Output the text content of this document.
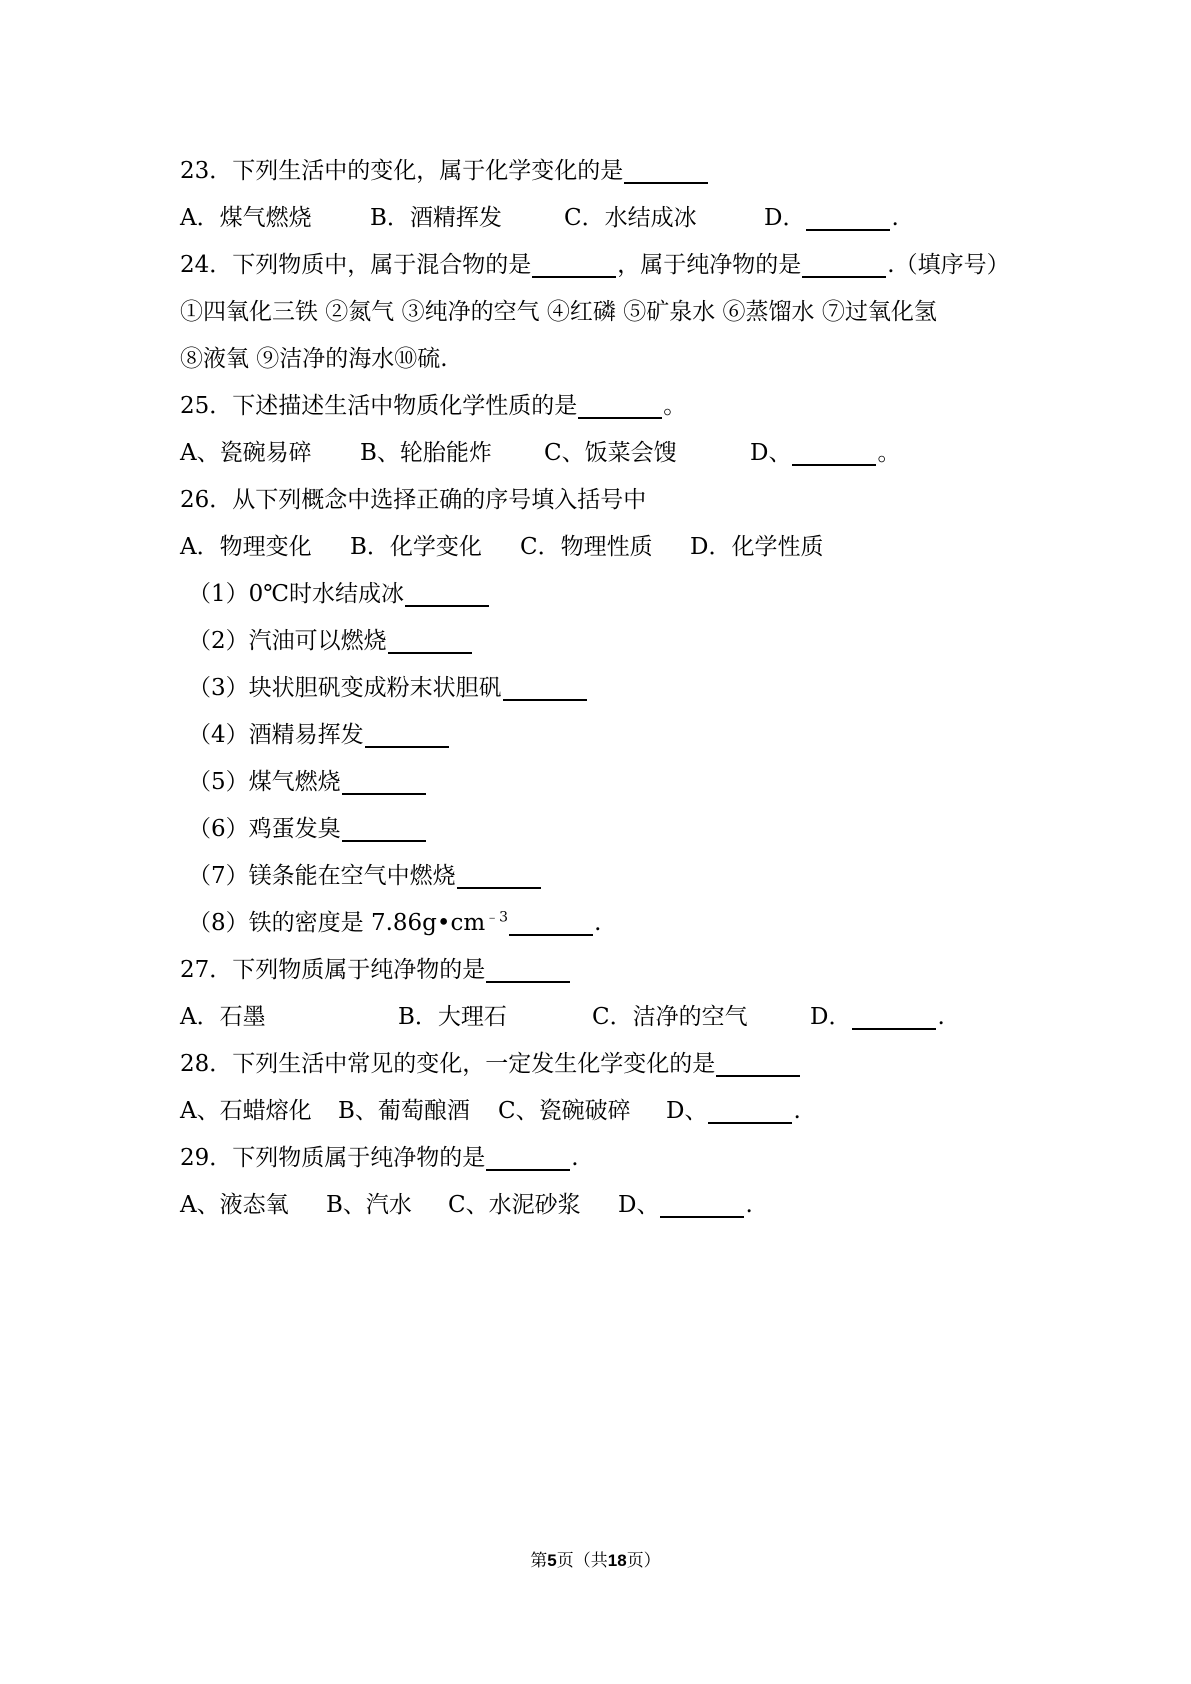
23．下列生活中的变化，属于化学变化的是
A．煤气燃烧	B．酒精挥发	C．水结成冰	D．	.
24．下列物质中，属于混合物的是	，属于纯净物的是	.（填序号）
①四氧化三铁 ②氮气 ③纯净的空气 ④红磷 ⑤矿泉水 ⑥蒸馏水 ⑦过氧化氢
⑧液氧 ⑨洁净的海水⑩硫.
25．下述描述生活中物质化学性质的是	。
A、瓷碗易碎 B、轮胎能炸 C、饭菜会馊	D、	。
26．从下列概念中选择正确的序号填入括号中
A．物理变化 B．化学变化 C．物理性质 D．化学性质
（1）0℃时水结成冰
（2）汽油可以燃烧
（3）块状胆矾变成粉末状胆矾
（4）酒精易挥发
（5）煤气燃烧
（6）鸡蛋发臭
（7）镁条能在空气中燃烧
（8）铁的密度是 $7.86g•cm^{﹣3}$	.
27．下列物质属于纯净物的是
A．石墨	B．大理石	C．洁净的空气	D．	.
28．下列生活中常见的变化，一定发生化学变化的是
A、石蜡熔化 B、葡萄酿酒 C、瓷碗破碎 D、	.
29．下列物质属于纯净物的是	.
A、液态氧 B、汽水 C、水泥砂浆 D、	.
第5页（共18页）
